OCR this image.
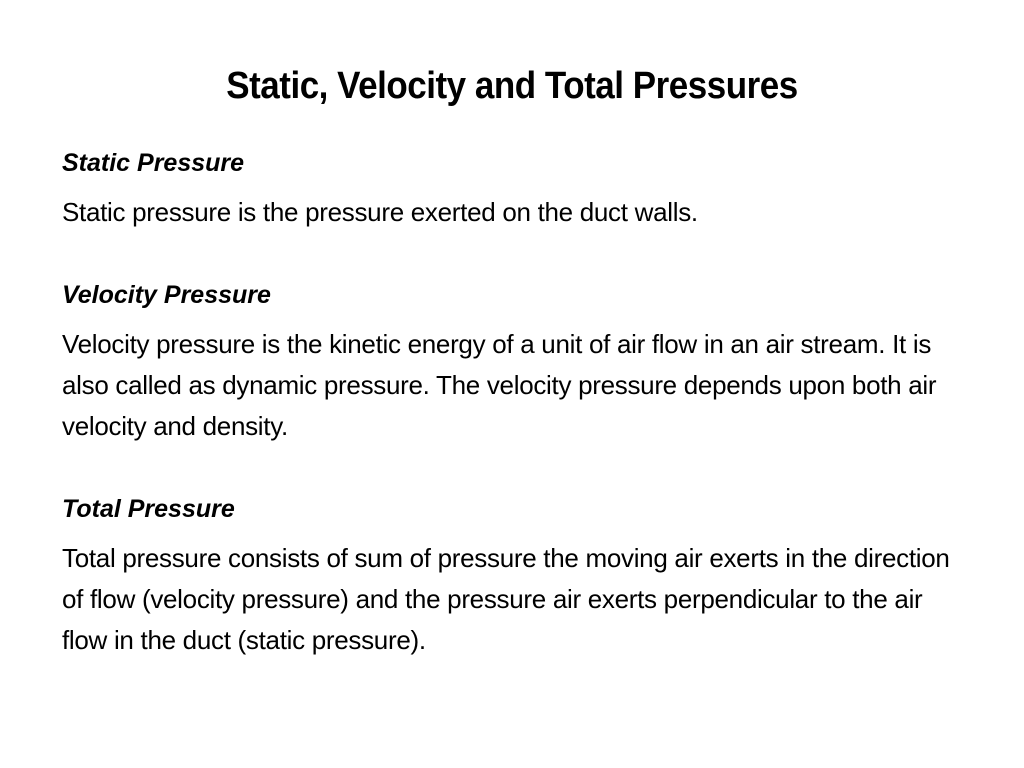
Static, Velocity and Total Pressures

Static Pressure

Static pressure is the pressure exerted on the duct walls.

Velocity Pressure

Velocity pressure is the kinetic energy of a unit of air flow in an air stream. It is also called as dynamic pressure. The velocity pressure depends upon both air velocity and density.

Total Pressure

Total pressure consists of sum of pressure the moving air exerts in the direction of flow (velocity pressure) and the pressure air exerts perpendicular to the air flow in the duct (static pressure).
